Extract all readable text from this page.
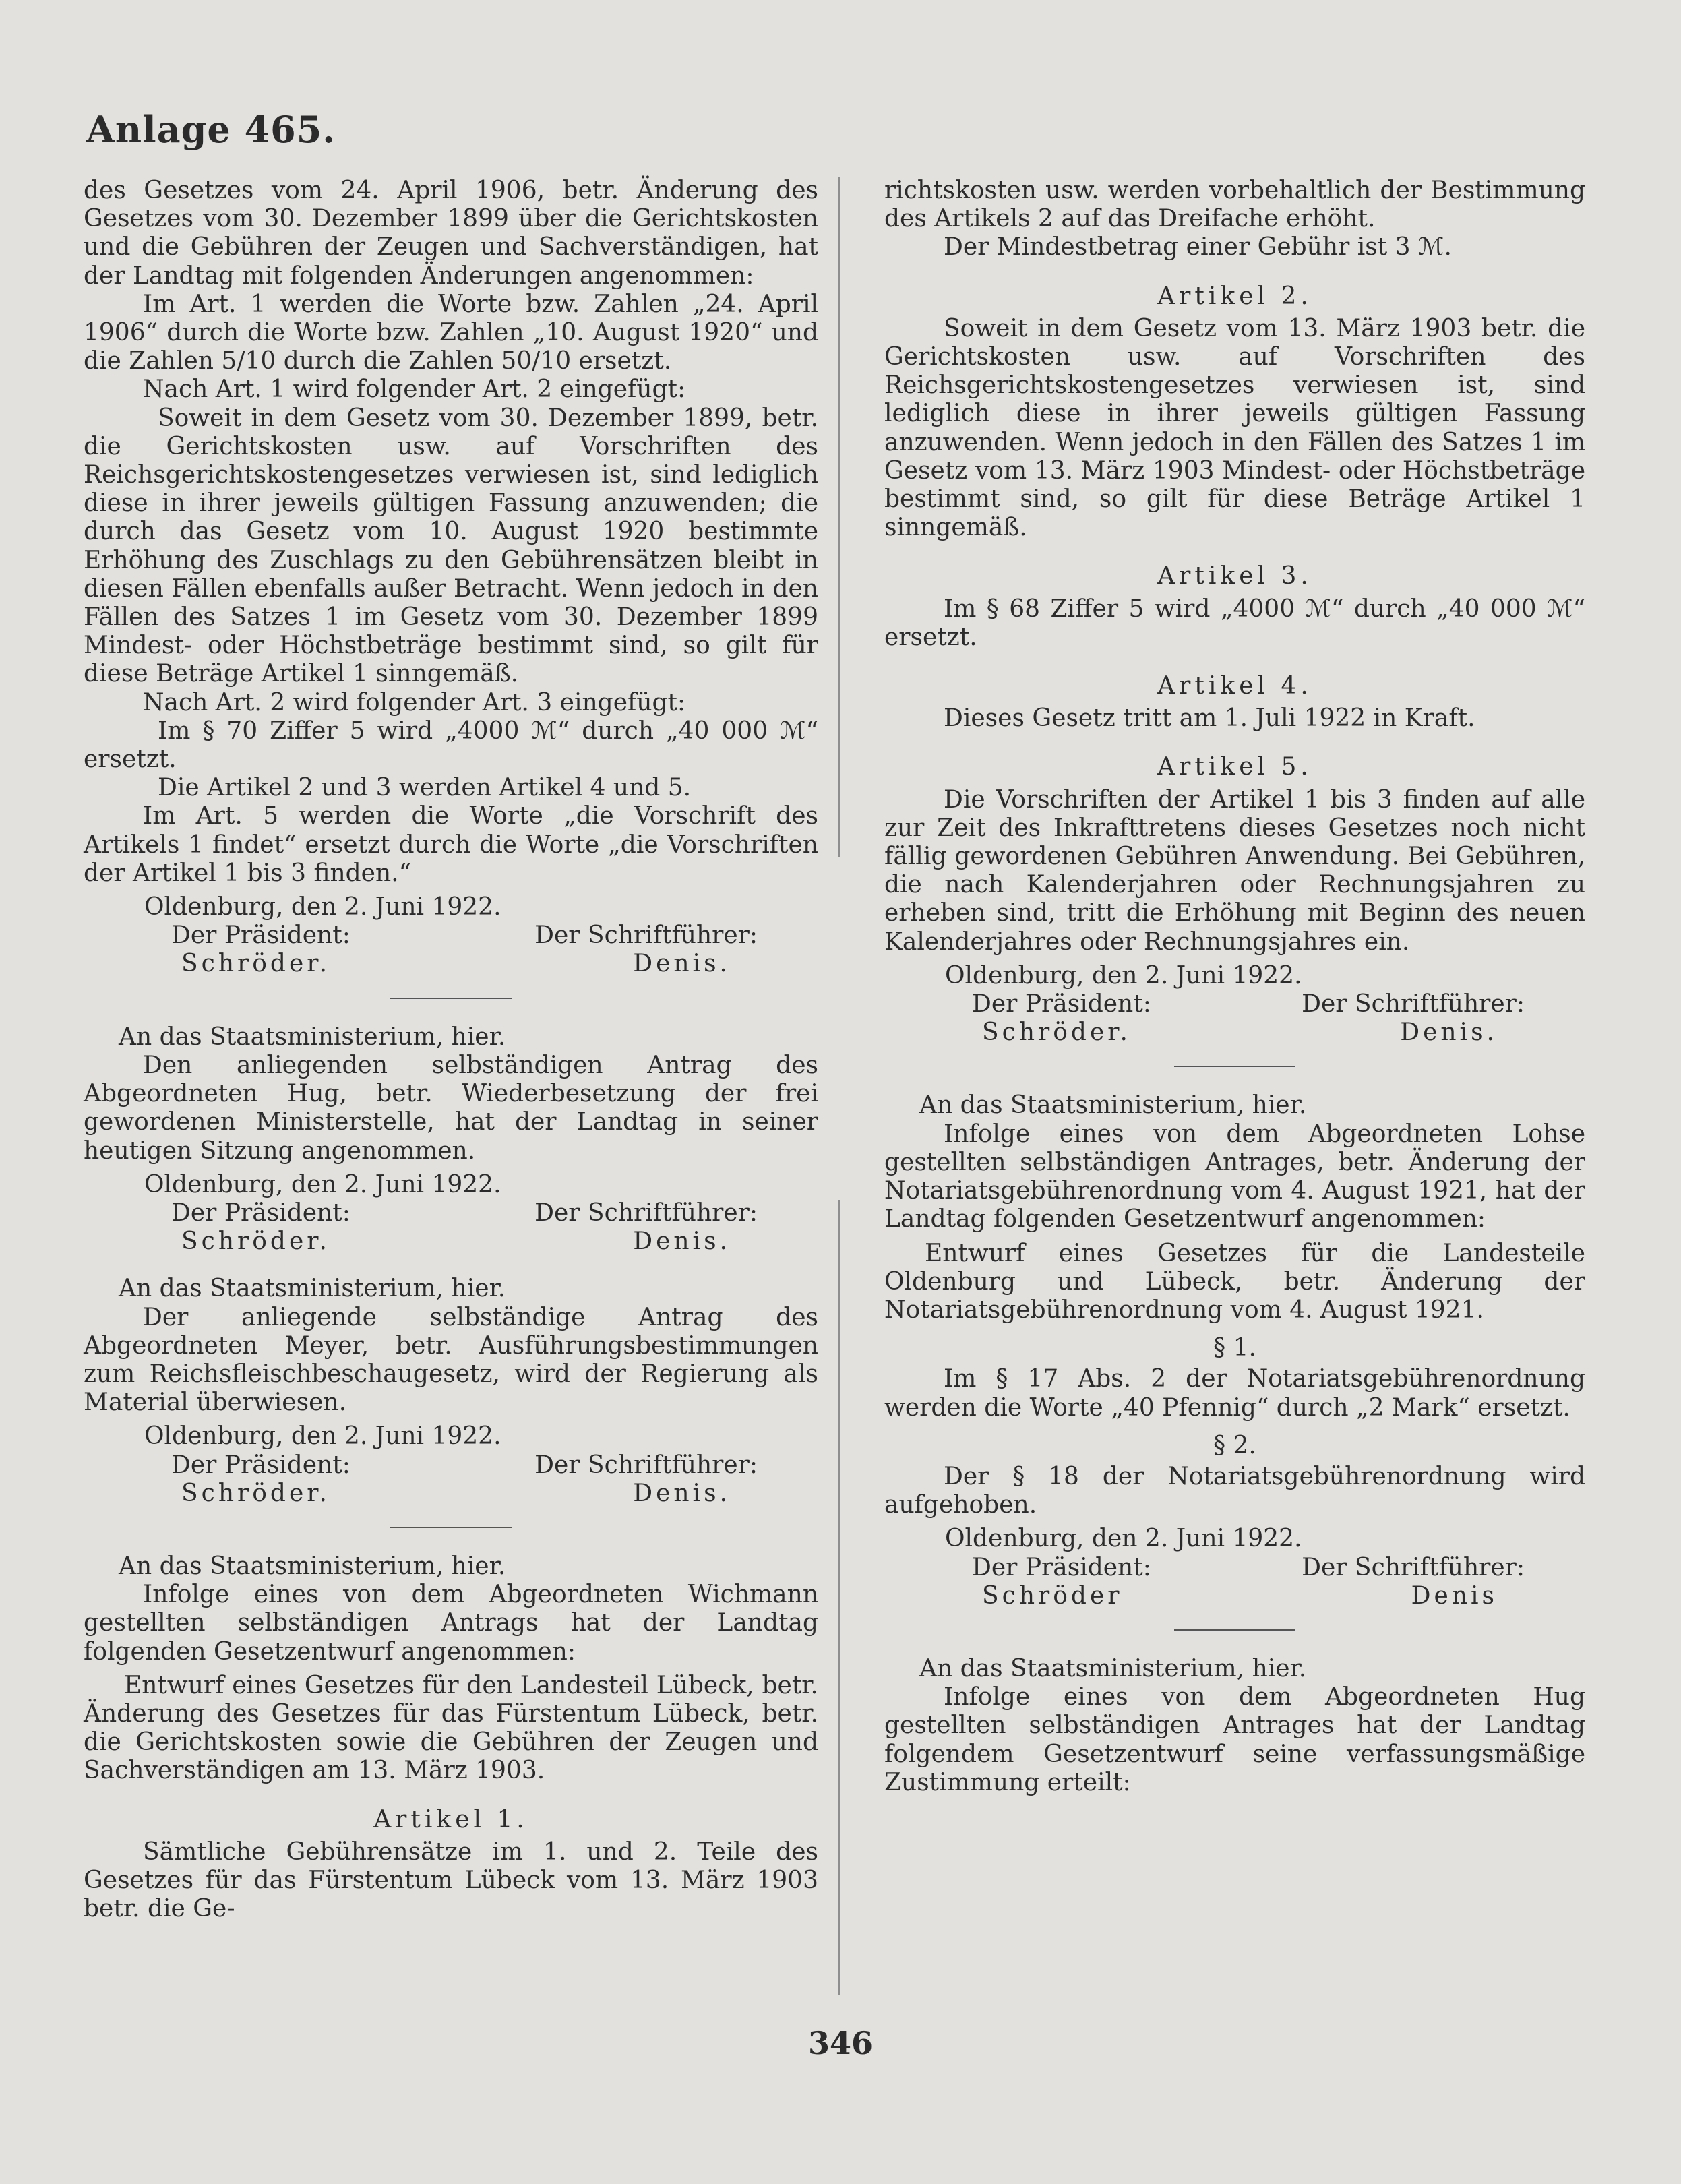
Anlage 465.

des Gesetzes vom 24. April 1906, betr. Änderung des Gesetzes vom 30. Dezember 1899 über die Gerichtskosten und die Gebühren der Zeugen und Sachverständigen, hat der Landtag mit folgenden Änderungen angenommen:

Im Art. 1 werden die Worte bzw. Zahlen „24. April 1906“ durch die Worte bzw. Zahlen „10. August 1920“ und die Zahlen 5/10 durch die Zahlen 50/10 ersetzt.

Nach Art. 1 wird folgender Art. 2 eingefügt:

Soweit in dem Gesetz vom 30. Dezember 1899, betr. die Gerichtskosten usw. auf Vorschriften des Reichsgerichtskostengesetzes verwiesen ist, sind lediglich diese in ihrer jeweils gültigen Fassung anzuwenden; die durch das Gesetz vom 10. August 1920 bestimmte Erhöhung des Zuschlags zu den Gebührensätzen bleibt in diesen Fällen ebenfalls außer Betracht. Wenn jedoch in den Fällen des Satzes 1 im Gesetz vom 30. Dezember 1899 Mindest- oder Höchstbeträge bestimmt sind, so gilt für diese Beträge Artikel 1 sinngemäß.

Nach Art. 2 wird folgender Art. 3 eingefügt:

Im § 70 Ziffer 5 wird „4000 ℳ“ durch „40 000 ℳ“ ersetzt.

Die Artikel 2 und 3 werden Artikel 4 und 5.

Im Art. 5 werden die Worte „die Vorschrift des Artikels 1 findet“ ersetzt durch die Worte „die Vorschriften der Artikel 1 bis 3 finden.“

Oldenburg, den 2. Juni 1922.

Der Präsident:	Der Schriftführer:
Schröder.	Denis.

An das Staatsministerium, hier.

Den anliegenden selbständigen Antrag des Abgeordneten Hug, betr. Wiederbesetzung der frei gewordenen Ministerstelle, hat der Landtag in seiner heutigen Sitzung angenommen.

Oldenburg, den 2. Juni 1922.

Der Präsident:	Der Schriftführer:
Schröder.	Denis.

An das Staatsministerium, hier.

Der anliegende selbständige Antrag des Abgeordneten Meyer, betr. Ausführungsbestimmungen zum Reichsfleischbeschaugesetz, wird der Regierung als Material überwiesen.

Oldenburg, den 2. Juni 1922.

Der Präsident:	Der Schriftführer:
Schröder.	Denis.

An das Staatsministerium, hier.

Infolge eines von dem Abgeordneten Wichmann gestellten selbständigen Antrags hat der Landtag folgenden Gesetzentwurf angenommen:

Entwurf eines Gesetzes für den Landesteil Lübeck, betr. Änderung des Gesetzes für das Fürstentum Lübeck, betr. die Gerichtskosten sowie die Gebühren der Zeugen und Sachverständigen am 13. März 1903.

Artikel 1.

Sämtliche Gebührensätze im 1. und 2. Teile des Gesetzes für das Fürstentum Lübeck vom 13. März 1903 betr. die Ge-

richtskosten usw. werden vorbehaltlich der Bestimmung des Artikels 2 auf das Dreifache erhöht.

Der Mindestbetrag einer Gebühr ist 3 ℳ.

Artikel 2.

Soweit in dem Gesetz vom 13. März 1903 betr. die Gerichtskosten usw. auf Vorschriften des Reichsgerichtskostengesetzes verwiesen ist, sind lediglich diese in ihrer jeweils gültigen Fassung anzuwenden. Wenn jedoch in den Fällen des Satzes 1 im Gesetz vom 13. März 1903 Mindest- oder Höchstbeträge bestimmt sind, so gilt für diese Beträge Artikel 1 sinngemäß.

Artikel 3.

Im § 68 Ziffer 5 wird „4000 ℳ“ durch „40 000 ℳ“ ersetzt.

Artikel 4.

Dieses Gesetz tritt am 1. Juli 1922 in Kraft.

Artikel 5.

Die Vorschriften der Artikel 1 bis 3 finden auf alle zur Zeit des Inkrafttretens dieses Gesetzes noch nicht fällig gewordenen Gebühren Anwendung. Bei Gebühren, die nach Kalenderjahren oder Rechnungsjahren zu erheben sind, tritt die Erhöhung mit Beginn des neuen Kalenderjahres oder Rechnungsjahres ein.

Oldenburg, den 2. Juni 1922.

Der Präsident:	Der Schriftführer:
Schröder.	Denis.

An das Staatsministerium, hier.

Infolge eines von dem Abgeordneten Lohse gestellten selbständigen Antrages, betr. Änderung der Notariatsgebührenordnung vom 4. August 1921, hat der Landtag folgenden Gesetzentwurf angenommen:

Entwurf eines Gesetzes für die Landesteile Oldenburg und Lübeck, betr. Änderung der Notariatsgebührenordnung vom 4. August 1921.

§ 1.

Im § 17 Abs. 2 der Notariatsgebührenordnung werden die Worte „40 Pfennig“ durch „2 Mark“ ersetzt.

§ 2.

Der § 18 der Notariatsgebührenordnung wird aufgehoben.

Oldenburg, den 2. Juni 1922.

Der Präsident:	Der Schriftführer:
Schröder	Denis

An das Staatsministerium, hier.

Infolge eines von dem Abgeordneten Hug gestellten selbständigen Antrages hat der Landtag folgendem Gesetzentwurf seine verfassungsmäßige Zustimmung erteilt:

346
